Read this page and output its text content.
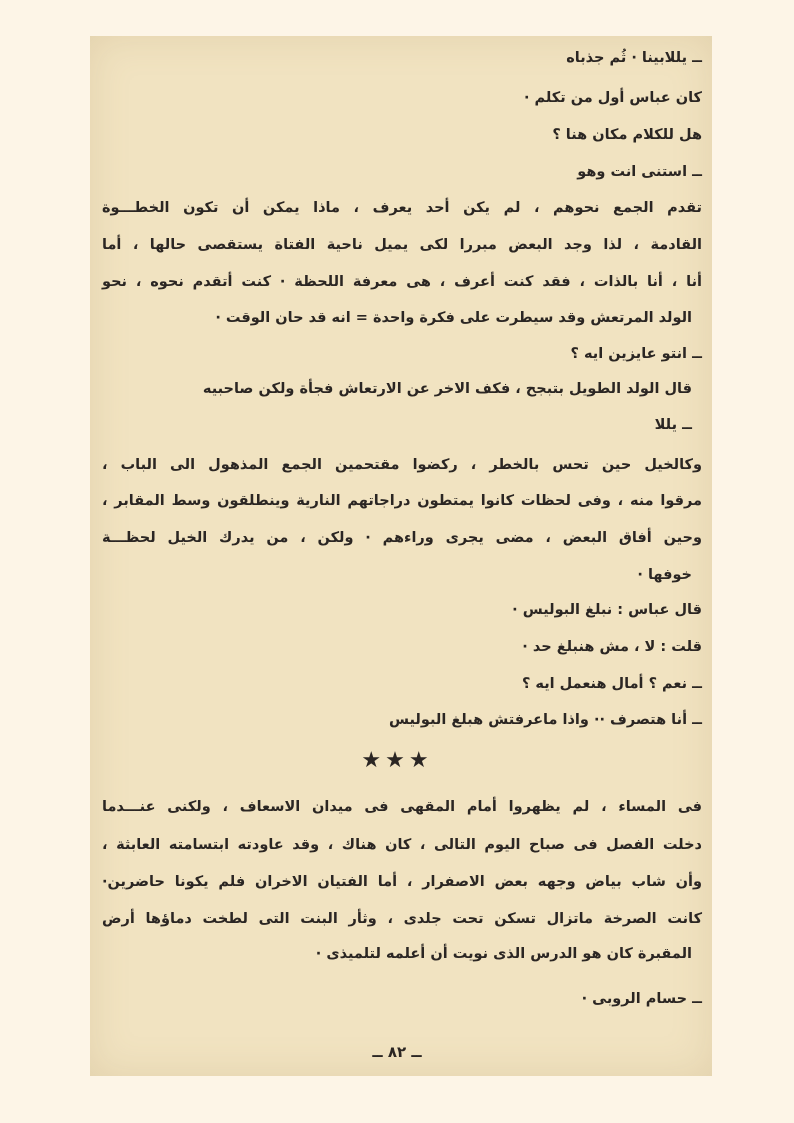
ــ يللابينا · ثُم جذباه
كان عباس أول من تكلم ·
هل للكلام مكان هنا ؟
ــ استنى انت وهو
تقدم الجمع نحوهم ، لم يكن أحد يعرف ، ماذا يمكن أن تكون الخطـــوة
القادمة ، لذا وجد البعض مبررا لكى يميل ناحية الفتاة يستقصى حالها ، أما
أنا ، أنا بالذات ، فقد كنت أعرف ، هى معرفة اللحظة · كنت أتقدم نحوه ، نحو
الولد المرتعش وقد سيطرت على فكرة واحدة = انه قد حان الوقت ·
ــ انتو عايزين ايه ؟
قال الولد الطويل بتبجح ، فكف الاخر عن الارتعاش فجأة ولكن صاحبيه
ــ يللا
وكالخيل حين تحس بالخطر ، ركضوا مقتحمين الجمع المذهول الى الباب ،
مرقوا منه ، وفى لحظات كانوا يمتطون دراجاتهم النارية وينطلقون وسط المقابر ،
وحين أفاق البعض ، مضى يجرى وراءهم · ولكن ، من يدرك الخيل لحظـــة
خوفها ·
قال عباس : نبلغ البوليس ·
قلت : لا ، مش هنبلغ حد ·
ــ نعم ؟ أمال هنعمل ايه ؟
ــ أنا هتصرف ·· واذا ماعرفتش هبلغ البوليس
★★★
فى المساء ، لم يظهروا أمام المقهى فى ميدان الاسعاف ، ولكنى عنـــدما
دخلت الفصل فى صباح اليوم التالى ، كان هناك ، وقد عاودته ابتسامته العابثة ،
وأن شاب بياض وجهه بعض الاصفرار ، أما الفتيان الاخران فلم يكونا حاضرين·
كانت الصرخة ماتزال تسكن تحت جلدى ، وثأر البنت التى لطخت دماؤها أرض
المقبرة كان هو الدرس الذى نويت أن أعلمه لتلميذى ·
ــ حسام الروبى ·
ــ ٨٢ ــ
